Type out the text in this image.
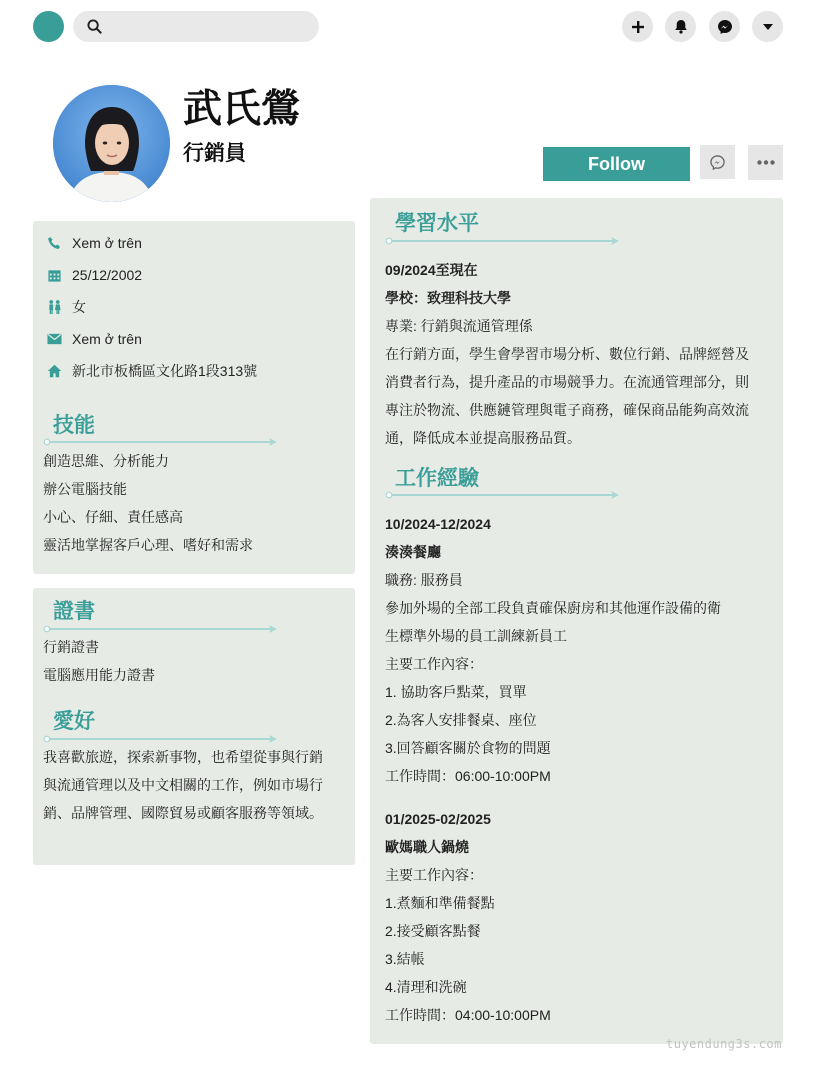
武氏鶯
行銷員	Follow
Xem ở trên
25/12/2002
女
Xem ở trên
新北市板橋區文化路1段313號
技能
創造思維、分析能力
辦公電腦技能
小心、仔細、責任感高
靈活地掌握客戶心理、嗜好和需求
證書
行銷證書
電腦應用能力證書
愛好
我喜歡旅遊，探索新事物，也希望從事與行銷與流通管理以及中文相關的工作，例如市場行銷、品牌管理、國際貿易或顧客服務等領域。
學習水平
09/2024至現在
學校：致理科技大學
專業: 行銷與流通管理係
在行銷方面，學生會學習市場分析、數位行銷、品牌經營及消費者行為，提升產品的市場競爭力。在流通管理部分，則專注於物流、供應鏈管理與電子商務，確保商品能夠高效流通，降低成本並提高服務品質。
工作經驗
10/2024-12/2024
湊湊餐廳
職務: 服務員
參加外場的全部工段負責確保廚房和其他運作設備的衛
生標準外場的員工訓練新員工
主要工作內容：
1. 協助客戶點菜，買單
2.為客人安排餐桌、座位
3.回答顧客關於食物的問題
工作時間：06:00-10:00PM
01/2025-02/2025
歐媽職人鍋燒
主要工作內容：
1.煮麵和準備餐點
2.接受顧客點餐
3.結帳
4.清理和洗碗
工作時間：04:00-10:00PM
tuyendung3s.com
